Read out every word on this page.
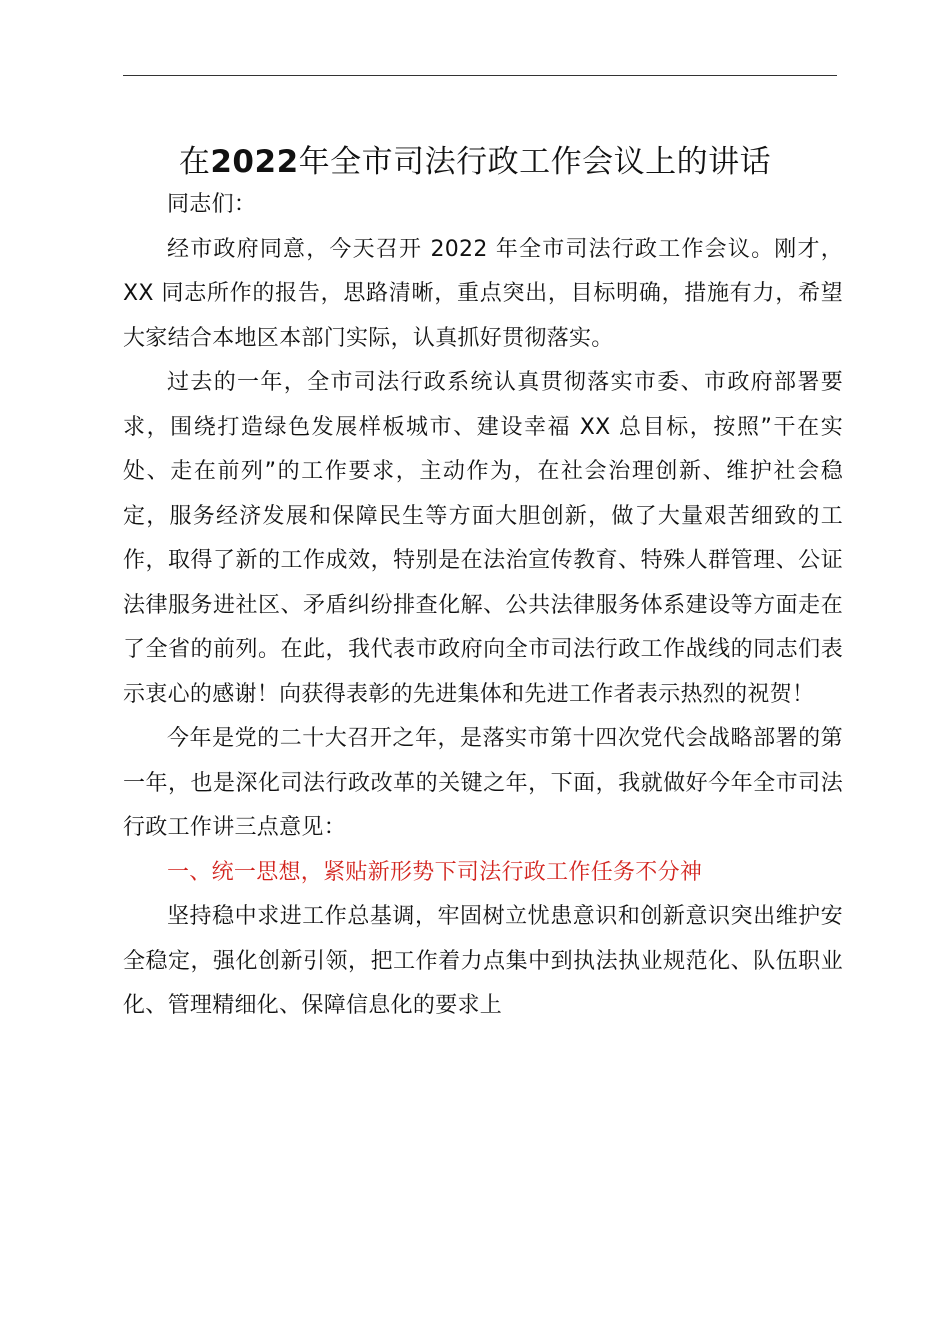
在2022年全市司法行政工作会议上的讲话

同志们：

经市政府同意，今天召开 2022 年全市司法行政工作会议。刚才，XX 同志所作的报告，思路清晰，重点突出，目标明确，措施有力，希望大家结合本地区本部门实际，认真抓好贯彻落实。

过去的一年，全市司法行政系统认真贯彻落实市委、市政府部署要求，围绕打造绿色发展样板城市、建设幸福 XX 总目标，按照”干在实处、走在前列”的工作要求，主动作为，在社会治理创新、维护社会稳定，服务经济发展和保障民生等方面大胆创新，做了大量艰苦细致的工作，取得了新的工作成效，特别是在法治宣传教育、特殊人群管理、公证法律服务进社区、矛盾纠纷排查化解、公共法律服务体系建设等方面走在了全省的前列。在此，我代表市政府向全市司法行政工作战线的同志们表示衷心的感谢！向获得表彰的先进集体和先进工作者表示热烈的祝贺！

今年是党的二十大召开之年，是落实市第十四次党代会战略部署的第一年，也是深化司法行政改革的关键之年，下面，我就做好今年全市司法行政工作讲三点意见：

一、统一思想，紧贴新形势下司法行政工作任务不分神

坚持稳中求进工作总基调，牢固树立忧患意识和创新意识突出维护安全稳定，强化创新引领，把工作着力点集中到执法执业规范化、队伍职业化、管理精细化、保障信息化的要求上
